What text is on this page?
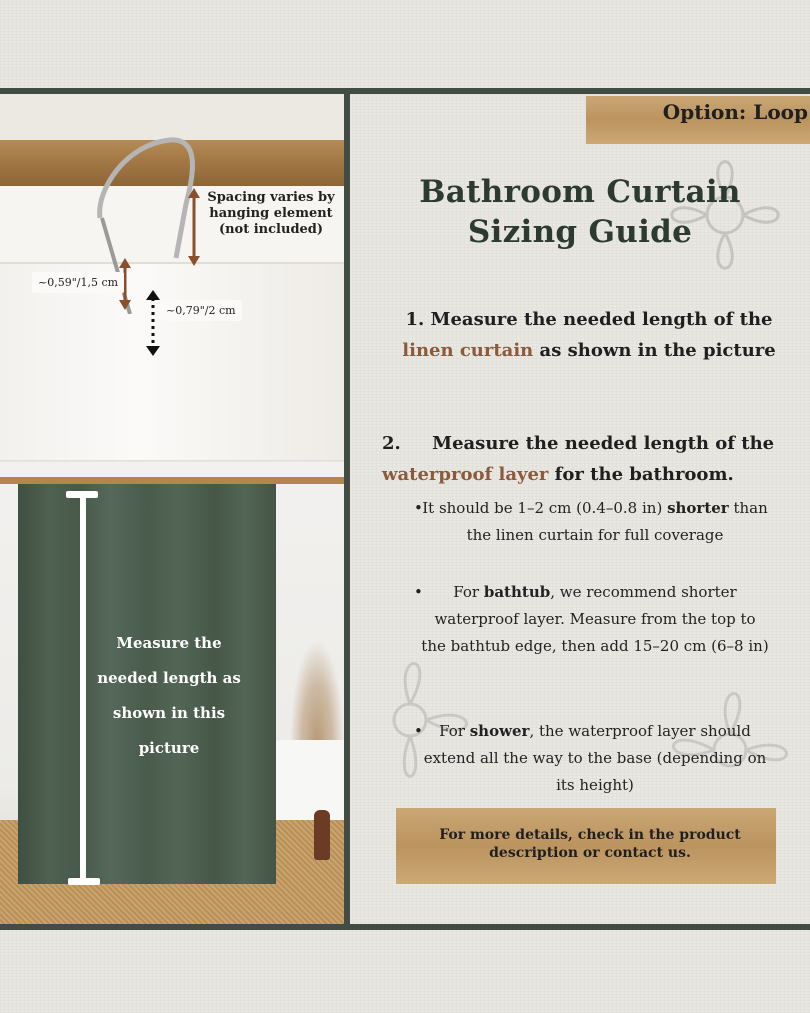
Spacing varies by hanging element (not included)
~0,59"/1,5 cm
~0,79"/2 cm
Measure the needed length as shown in this picture
Option: Loop
Bathroom Curtain Sizing Guide
1. Measure the needed length of the linen curtain as shown in the picture
2. Measure the needed length of the waterproof layer for the bathroom.
• It should be 1–2 cm (0.4–0.8 in) shorter than the linen curtain for full coverage
• For bathtub, we recommend shorter waterproof layer. Measure from the top to the bathtub edge, then add 15–20 cm (6–8 in)
• For shower, the waterproof layer should extend all the way to the base (depending on its height)
For more details, check in the product description or contact us.
